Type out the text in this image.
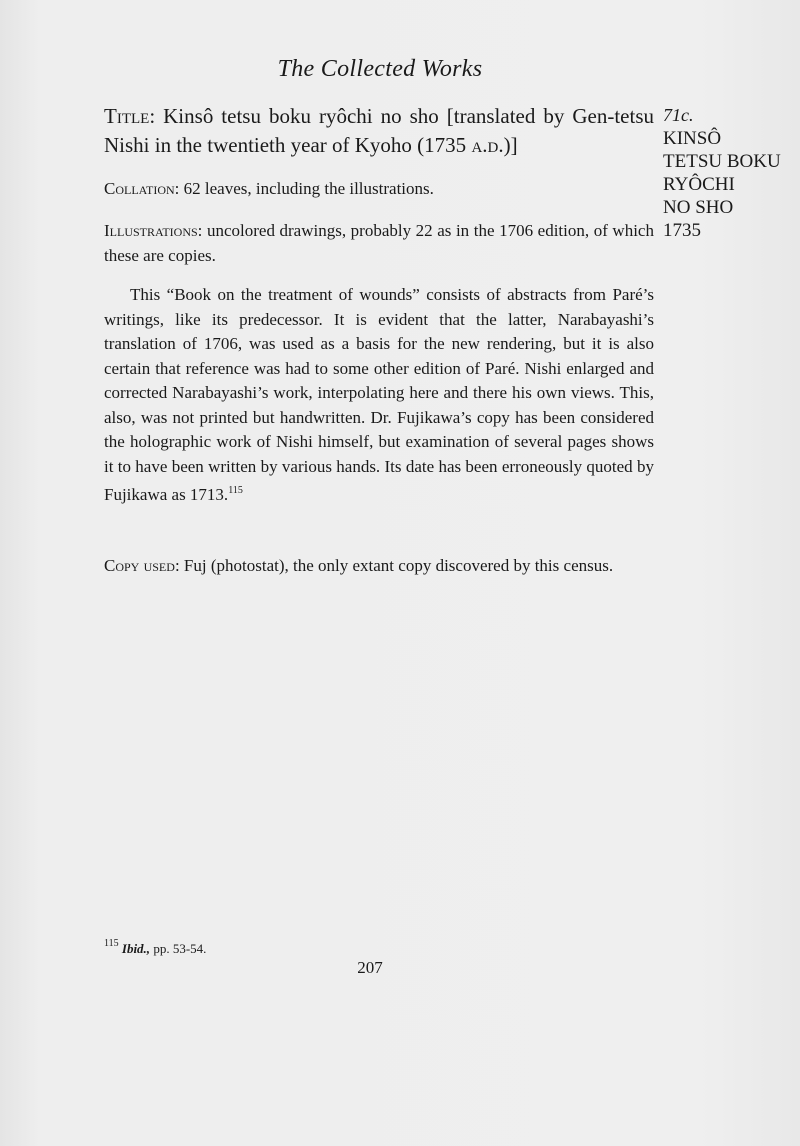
The Collected Works

Title: Kinsô tetsu boku ryôchi no sho [translated by Gen-tetsu Nishi in the twentieth year of Kyoho (1735 a.d.)]

Collation: 62 leaves, including the illustrations.

Illustrations: uncolored drawings, probably 22 as in the 1706 edition, of which these are copies.

This “Book on the treatment of wounds” consists of abstracts from Paré’s writings, like its predecessor. It is evident that the latter, Narabayashi’s translation of 1706, was used as a basis for the new rendering, but it is also certain that reference was had to some other edition of Paré. Nishi enlarged and corrected Narabayashi’s work, interpolating here and there his own views. This, also, was not printed but handwritten. Dr. Fujikawa’s copy has been considered the holographic work of Nishi himself, but examination of several pages shows it to have been written by various hands. Its date has been erroneously quoted by Fujikawa as 1713.$^{115}$

Copy used: Fuj (photostat), the only extant copy discovered by this census.

71c.
KINSÔ
TETSU BOKU
RYÔCHI
NO SHO
1735
$^{115}$ Ibid., pp. 53-54.
207
